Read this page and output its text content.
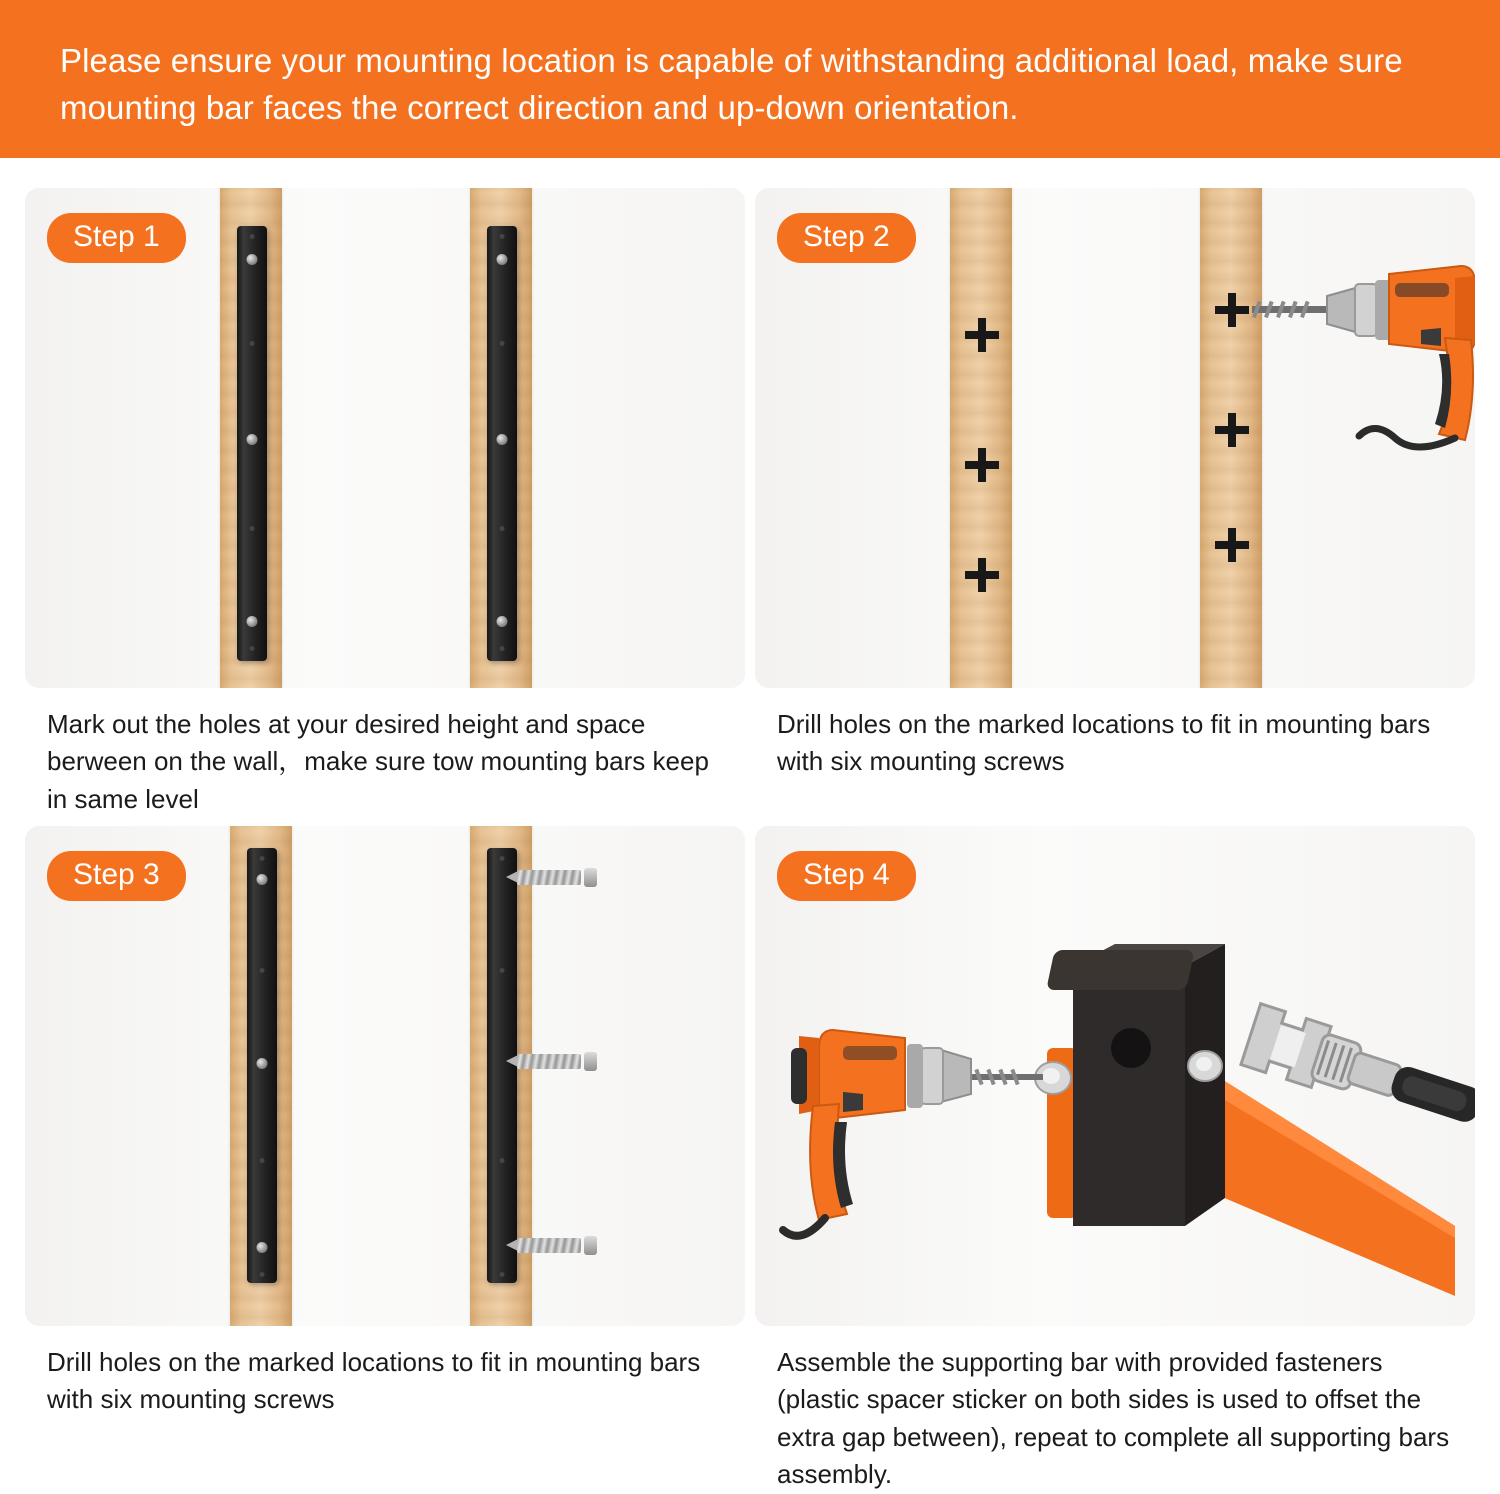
Please ensure your mounting location is capable of withstanding additional load, make sure mounting bar faces the correct direction and up-down orientation.
Step 1
Mark out the holes at your desired height and space berween on the wall，make sure tow mounting bars keep in same level
Step 2
Drill holes on the marked locations to fit in mounting bars with six mounting screws
Step 3
Drill holes on the marked locations to fit in mounting bars with six mounting screws
Step 4
Assemble the supporting bar with provided fasteners (plastic spacer sticker on both sides is used to offset the extra gap between), repeat to complete all supporting bars assembly.
